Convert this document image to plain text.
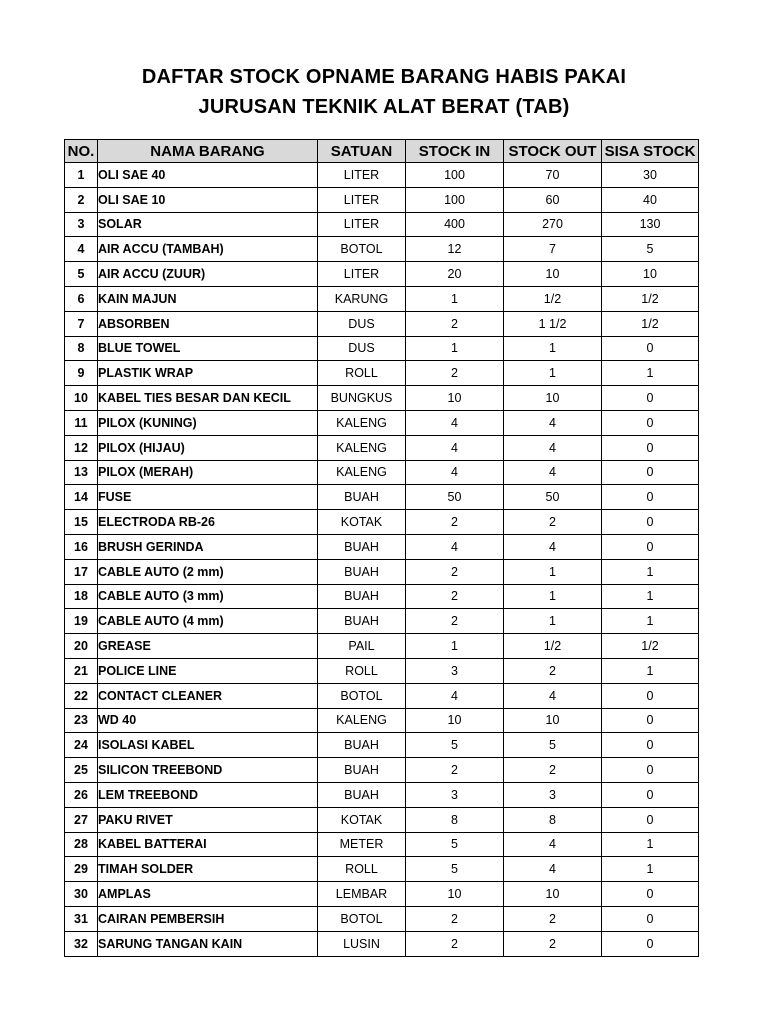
DAFTAR STOCK OPNAME BARANG HABIS PAKAI
JURUSAN TEKNIK ALAT BERAT (TAB)
NO.	NAMA BARANG	SATUAN	STOCK IN	STOCK OUT	SISA STOCK
1	OLI SAE 40	LITER	100	70	30
2	OLI SAE 10	LITER	100	60	40
3	SOLAR	LITER	400	270	130
4	AIR ACCU (TAMBAH)	BOTOL	12	7	5
5	AIR ACCU (ZUUR)	LITER	20	10	10
6	KAIN MAJUN	KARUNG	1	1/2	1/2
7	ABSORBEN	DUS	2	1 1/2	1/2
8	BLUE TOWEL	DUS	1	1	0
9	PLASTIK WRAP	ROLL	2	1	1
10	KABEL TIES BESAR DAN KECIL	BUNGKUS	10	10	0
11	PILOX (KUNING)	KALENG	4	4	0
12	PILOX (HIJAU)	KALENG	4	4	0
13	PILOX (MERAH)	KALENG	4	4	0
14	FUSE	BUAH	50	50	0
15	ELECTRODA RB-26	KOTAK	2	2	0
16	BRUSH GERINDA	BUAH	4	4	0
17	CABLE AUTO (2 mm)	BUAH	2	1	1
18	CABLE AUTO (3 mm)	BUAH	2	1	1
19	CABLE AUTO (4 mm)	BUAH	2	1	1
20	GREASE	PAIL	1	1/2	1/2
21	POLICE LINE	ROLL	3	2	1
22	CONTACT CLEANER	BOTOL	4	4	0
23	WD 40	KALENG	10	10	0
24	ISOLASI KABEL	BUAH	5	5	0
25	SILICON TREEBOND	BUAH	2	2	0
26	LEM TREEBOND	BUAH	3	3	0
27	PAKU RIVET	KOTAK	8	8	0
28	KABEL BATTERAI	METER	5	4	1
29	TIMAH SOLDER	ROLL	5	4	1
30	AMPLAS	LEMBAR	10	10	0
31	CAIRAN PEMBERSIH	BOTOL	2	2	0
32	SARUNG TANGAN KAIN	LUSIN	2	2	0
